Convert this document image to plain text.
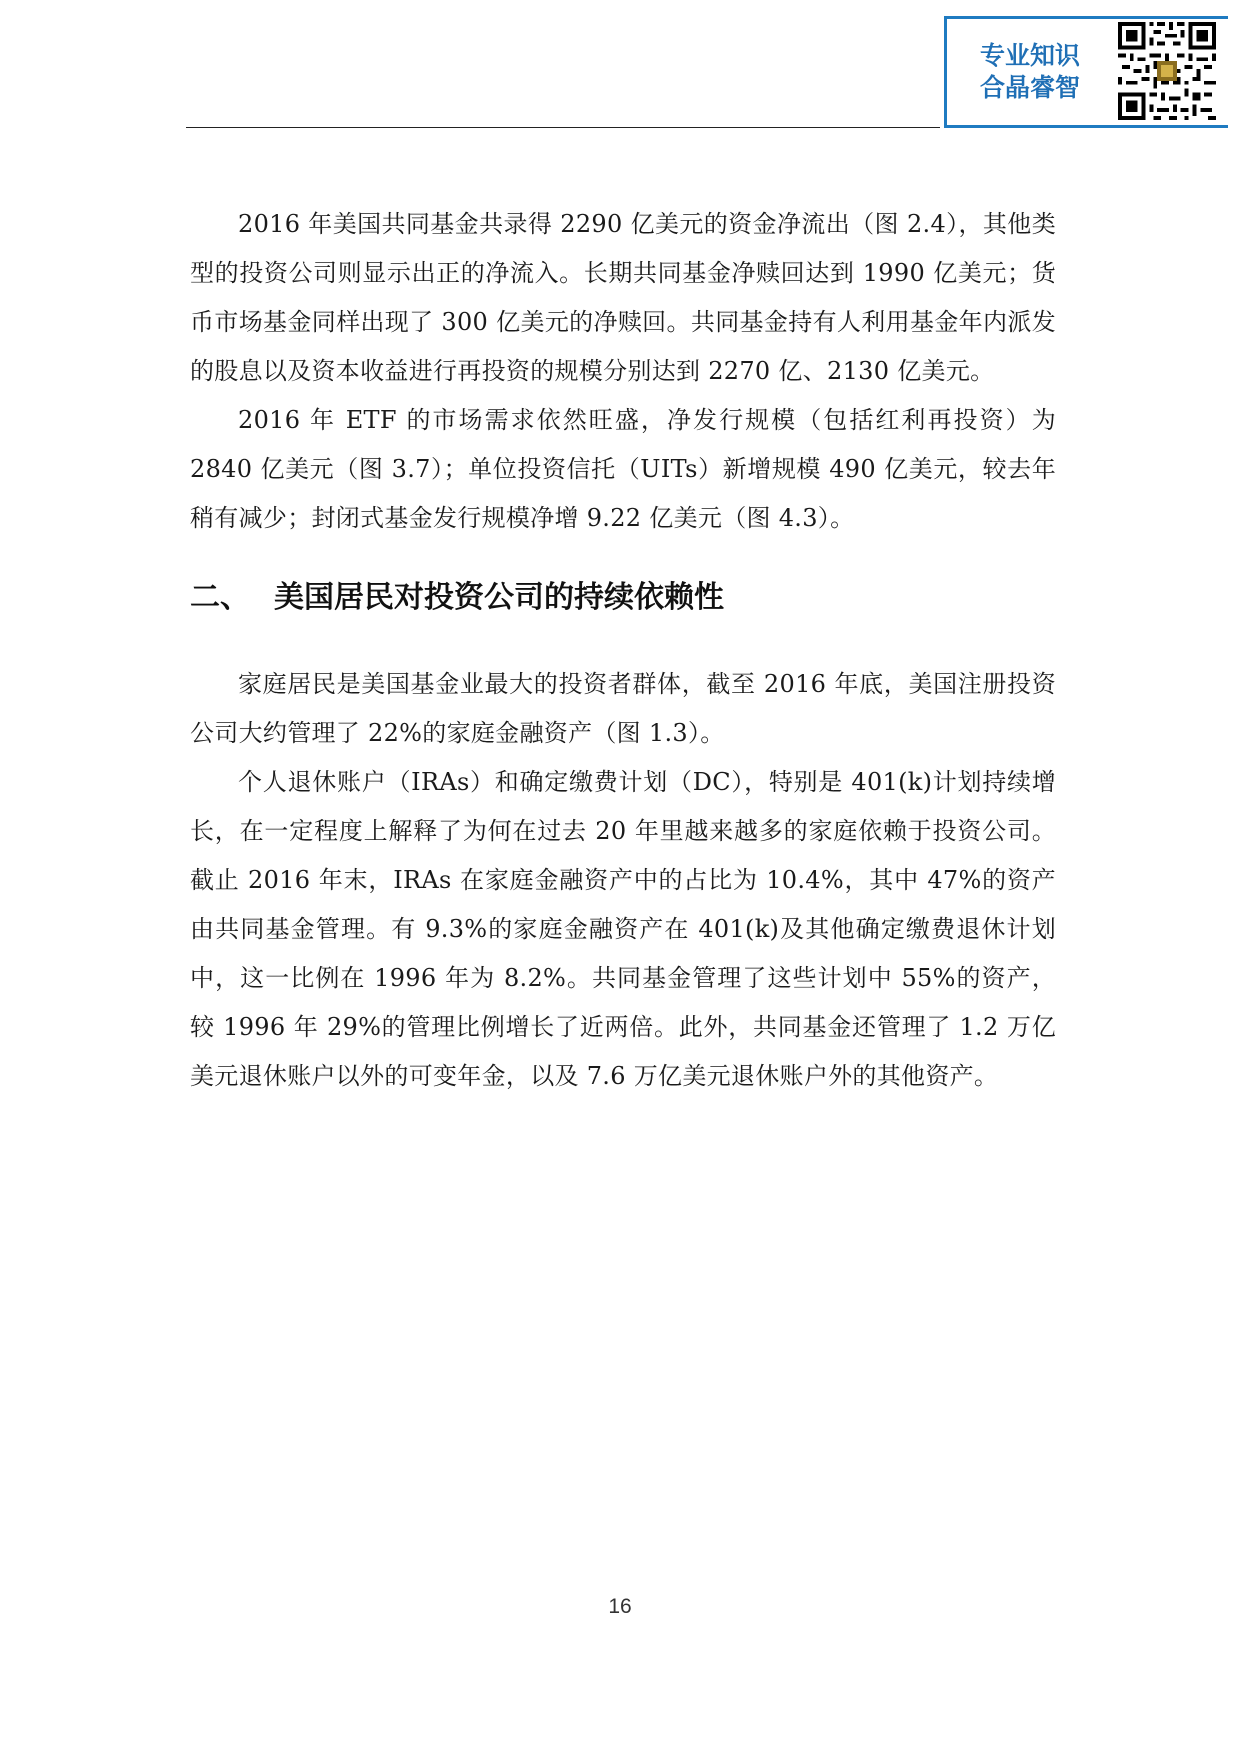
专业知识
合晶睿智

2016 年美国共同基金共录得 2290 亿美元的资金净流出（图 2.4），其他类型的投资公司则显示出正的净流入。长期共同基金净赎回达到 1990 亿美元；货币市场基金同样出现了 300 亿美元的净赎回。共同基金持有人利用基金年内派发的股息以及资本收益进行再投资的规模分别达到 2270 亿、2130 亿美元。

2016 年 ETF 的市场需求依然旺盛，净发行规模（包括红利再投资）为 2840 亿美元（图 3.7）；单位投资信托（UITs）新增规模 490 亿美元，较去年稍有减少；封闭式基金发行规模净增 9.22 亿美元（图 4.3）。

二、 美国居民对投资公司的持续依赖性

家庭居民是美国基金业最大的投资者群体，截至 2016 年底，美国注册投资公司大约管理了 22%的家庭金融资产（图 1.3）。

个人退休账户（IRAs）和确定缴费计划（DC），特别是 401(k)计划持续增长，在一定程度上解释了为何在过去 20 年里越来越多的家庭依赖于投资公司。截止 2016 年末，IRAs 在家庭金融资产中的占比为 10.4%，其中 47%的资产由共同基金管理。有 9.3%的家庭金融资产在 401(k)及其他确定缴费退休计划中，这一比例在 1996 年为 8.2%。共同基金管理了这些计划中 55%的资产，较 1996 年 29%的管理比例增长了近两倍。此外，共同基金还管理了 1.2 万亿美元退休账户以外的可变年金，以及 7.6 万亿美元退休账户外的其他资产。

16
